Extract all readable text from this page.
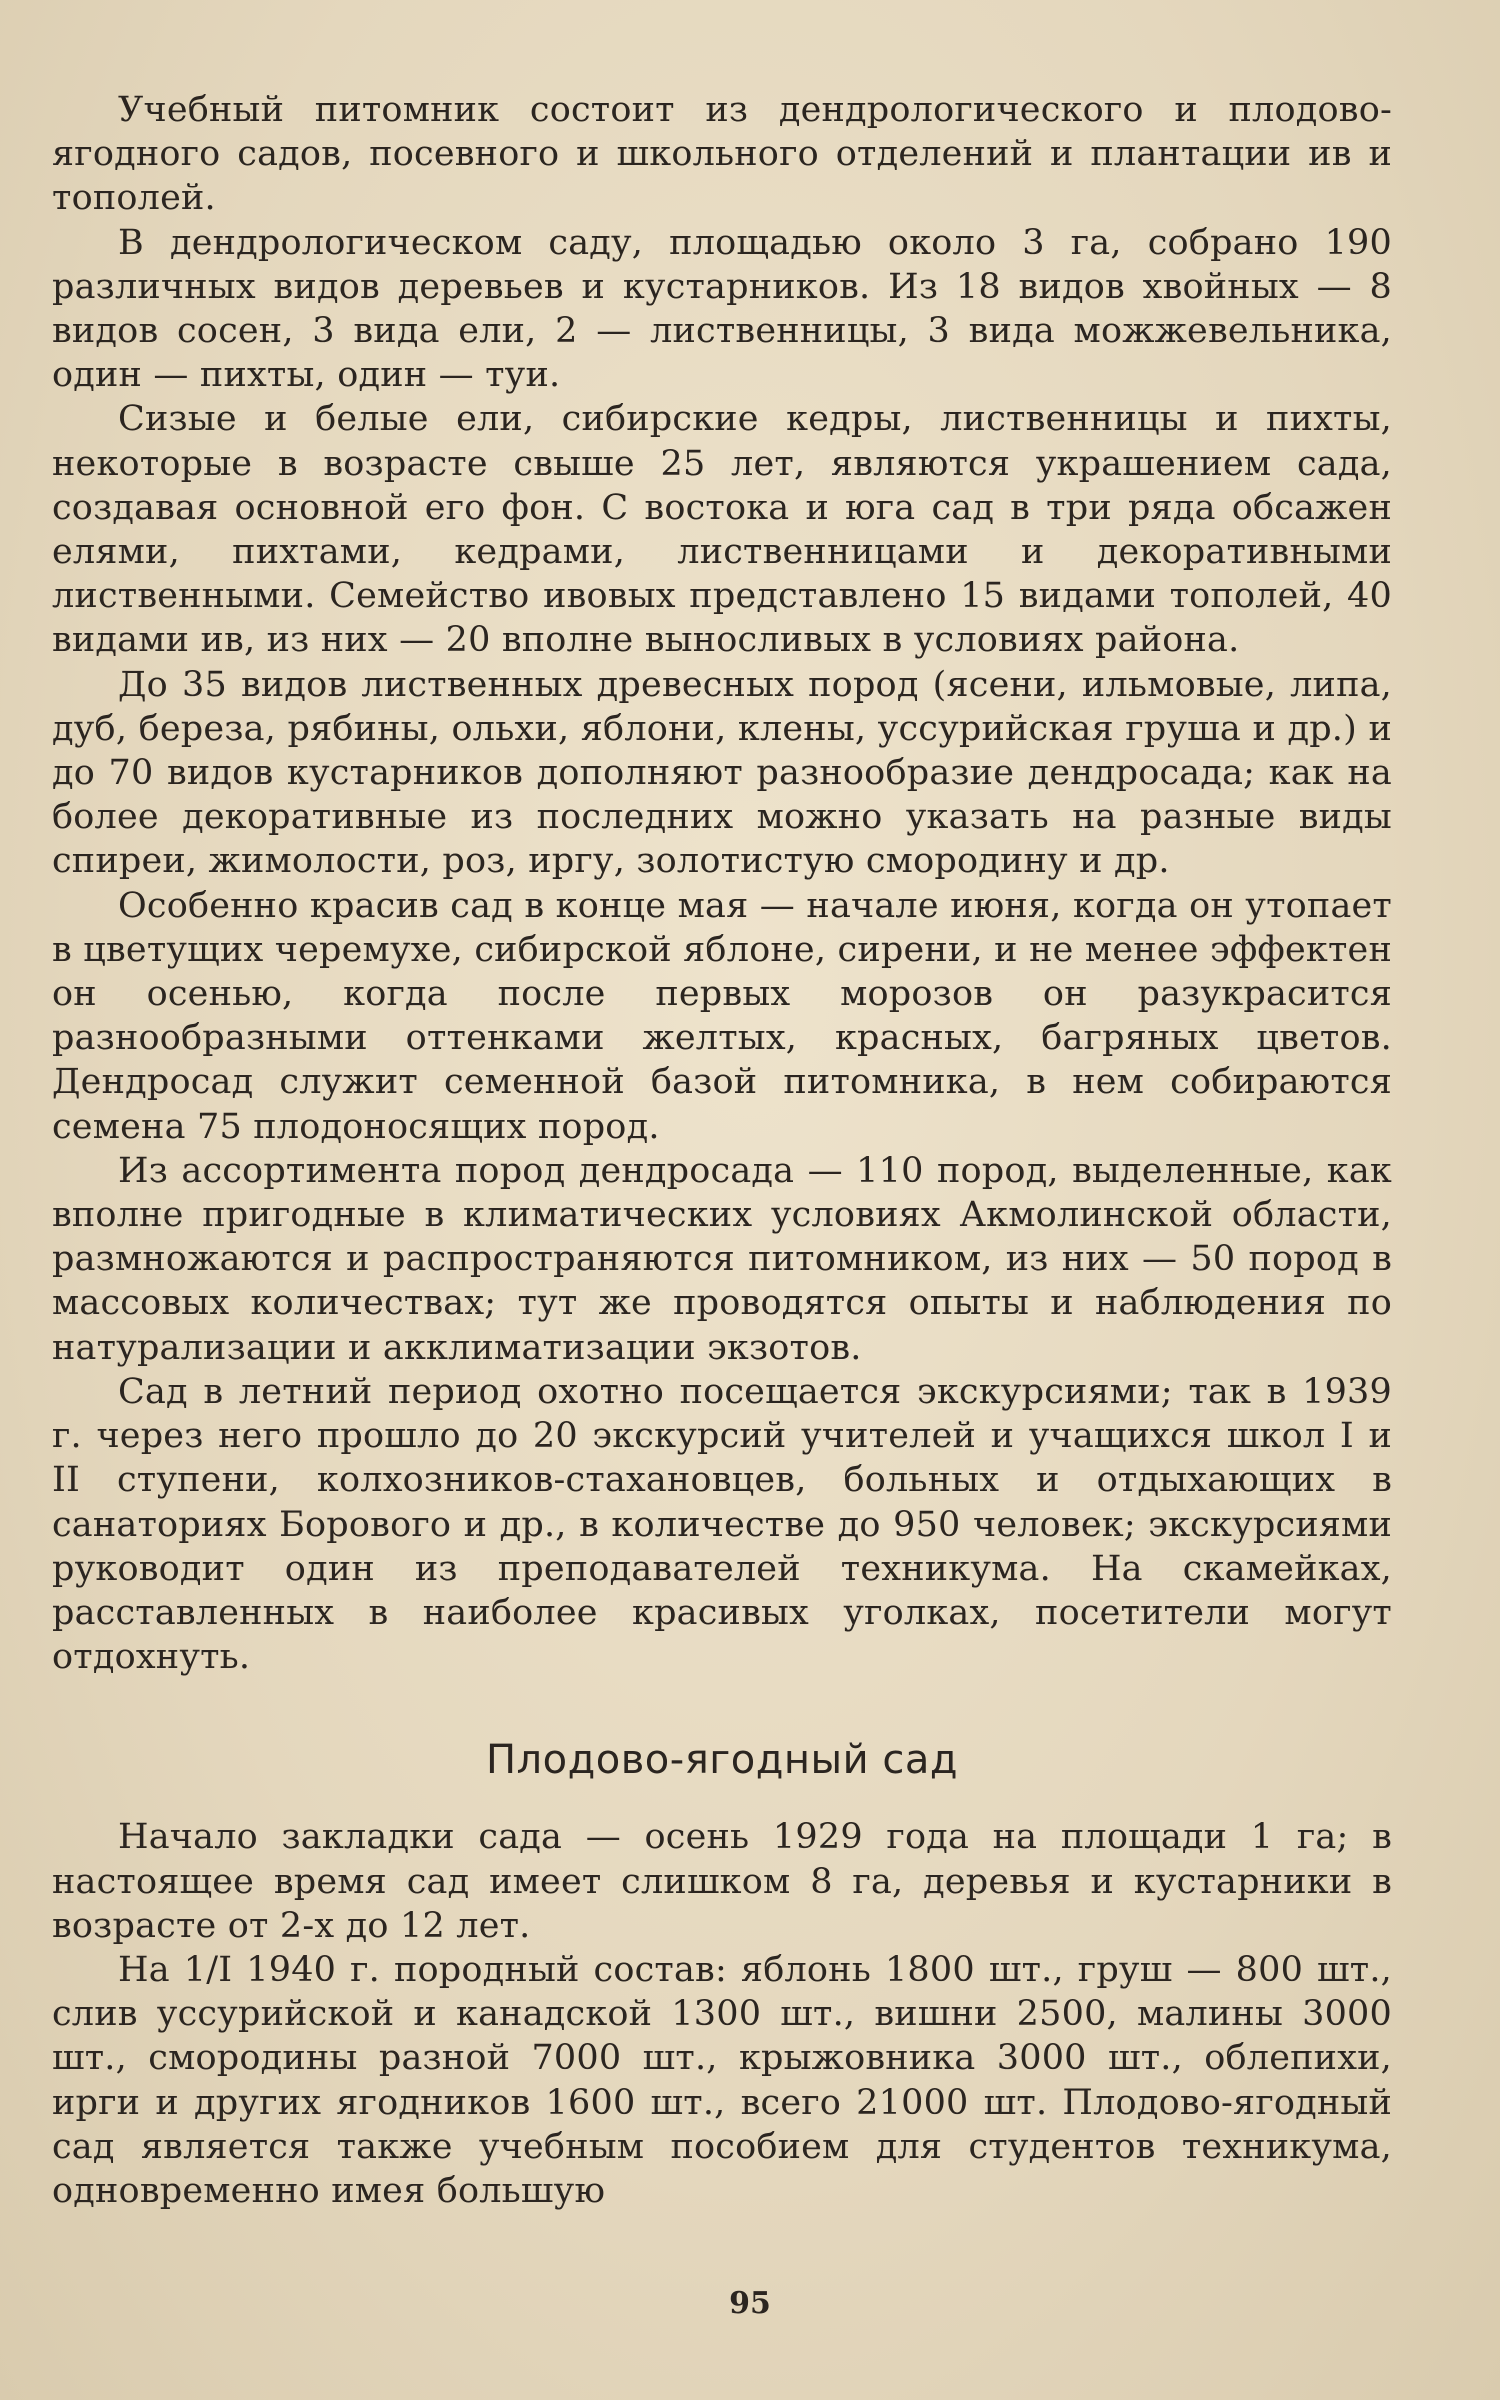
Учебный питомник состоит из дендрологического и плодово-ягодного садов, посевного и школьного отделений и плантации ив и тополей.

В дендрологическом саду, площадью около 3 га, собрано 190 различных видов деревьев и кустарников. Из 18 видов хвойных — 8 видов сосен, 3 вида ели, 2 — лиственницы, 3 вида можжевельника, один — пихты, один — туи.

Сизые и белые ели, сибирские кедры, лиственницы и пихты, некоторые в возрасте свыше 25 лет, являются украшением сада, создавая основной его фон. С востока и юга сад в три ряда обсажен елями, пихтами, кедрами, лиственницами и декоративными лиственными. Семейство ивовых представлено 15 видами тополей, 40 видами ив, из них — 20 вполне выносливых в условиях района.

До 35 видов лиственных древесных пород (ясени, ильмовые, липа, дуб, береза, рябины, ольхи, яблони, клены, уссурийская груша и др.) и до 70 видов кустарников дополняют разнообразие дендросада; как на более декоративные из последних можно указать на разные виды спиреи, жимолости, роз, иргу, золотистую смородину и др.

Особенно красив сад в конце мая — начале июня, когда он утопает в цветущих черемухе, сибирской яблоне, сирени, и не менее эффектен он осенью, когда после первых морозов он разукрасится разнообразными оттенками желтых, красных, багряных цветов. Дендросад служит семенной базой питомника, в нем собираются семена 75 плодоносящих пород.

Из ассортимента пород дендросада — 110 пород, выделенные, как вполне пригодные в климатических условиях Акмолинской области, размножаются и распространяются питомником, из них — 50 пород в массовых количествах; тут же проводятся опыты и наблюдения по натурализации и акклиматизации экзотов.

Сад в летний период охотно посещается экскурсиями; так в 1939 г. через него прошло до 20 экскурсий учителей и учащихся школ I и II ступени, колхозников-стахановцев, больных и отдыхающих в санаториях Борового и др., в количестве до 950 человек; экскурсиями руководит один из преподавателей техникума. На скамейках, расставленных в наиболее красивых уголках, посетители могут отдохнуть.

Плодово-ягодный сад

Начало закладки сада — осень 1929 года на площади 1 га; в настоящее время сад имеет слишком 8 га, деревья и кустарники в возрасте от 2-х до 12 лет.

На 1/I 1940 г. породный состав: яблонь 1800 шт., груш — 800 шт., слив уссурийской и канадской 1300 шт., вишни 2500, малины 3000 шт., смородины разной 7000 шт., крыжовника 3000 шт., облепихи, ирги и других ягодников 1600 шт., всего 21000 шт. Плодово-ягодный сад является также учебным пособием для студентов техникума, одновременно имея большую

95
